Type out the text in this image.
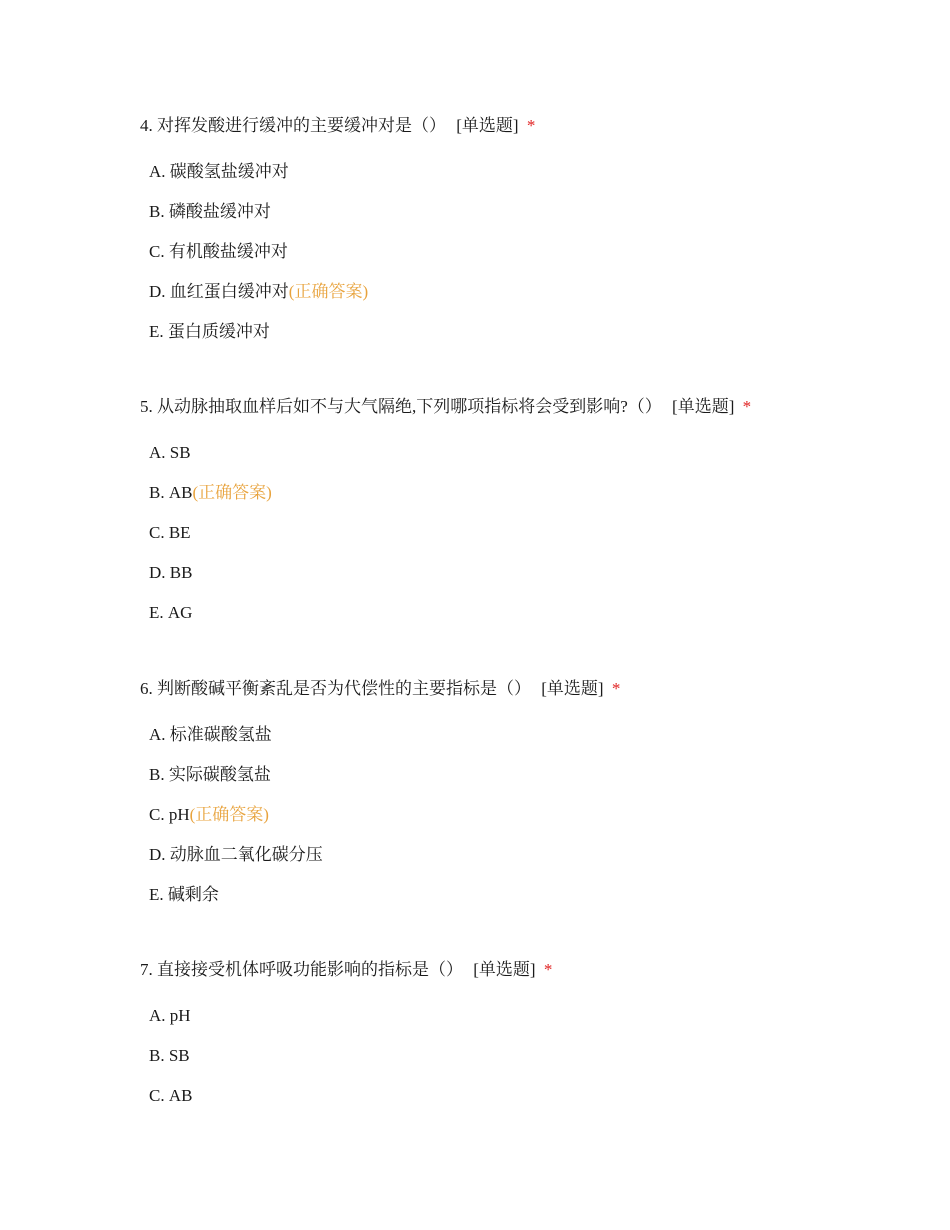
4. 对挥发酸进行缓冲的主要缓冲对是（） [单选题] *
A.
碳酸氢盐缓冲对
B.
磷酸盐缓冲对
C.
有机酸盐缓冲对
D.
血红蛋白缓冲对 (正确答案)
E.
蛋白质缓冲对
5. 从动脉抽取血样后如不与大气隔绝,下列哪项指标将会受到影响?（） [单选题] *
A.
SB
B.
AB (正确答案)
C.
BE
D.
BB
E.
AG
6. 判断酸碱平衡紊乱是否为代偿性的主要指标是（） [单选题] *
A.
标准碳酸氢盐
B.
实际碳酸氢盐
C.
pH (正确答案)
D.
动脉血二氧化碳分压
E.
碱剩余
7. 直接接受机体呼吸功能影响的指标是（） [单选题] *
A.
pH
B.
SB
C.
AB
